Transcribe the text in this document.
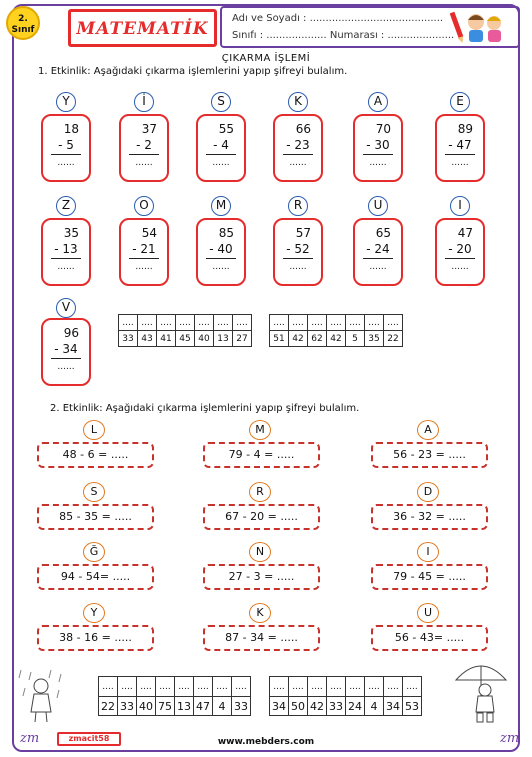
2.
Sınıf	MATEMATİK
Adı ve Soyadı : ..........................................
Sınıfı : ................... Numarası : .....................
ÇIKARMA İŞLEMİ
1. Etkinlik: Aşağıdaki çıkarma işlemlerini yapıp şifreyi bulalım.
Y
18
- 5
......
İ
37
- 2
......
S
55
- 4
......
K
66
- 23
......
A
70
- 30
......
E
89
- 47
......
Z
35
- 13
......
O
54
- 21
......
M
85
- 40
......
R
57
- 52
......
U
65
- 24
......
I
47
- 20
......
V
96
- 34
......
....	....	....	....	....	....	....		....	....	....	....	....	....	....
33	43	41	45	40	13	27		51	42	62	42	5	35	22
2. Etkinlik: Aşağıdaki çıkarma işlemlerini yapıp şifreyi bulalım.
L
48 - 6 = .....
M
79 - 4 = .....
A
56 - 23 = .....
S
85 - 35 = .....
R
67 - 20 = .....
D
36 - 32 = .....
Ğ
94 - 54= .....
N
27 - 3 = .....
I
79 - 45 = .....
Y
38 - 16 = .....
K
87 - 34 = .....
U
56 - 43= .....
....	....	....	....	....	....	....	....		....	....	....	....	....	....	....	....
22	33	40	75	13	47	4	33		34	50	42	33	24	4	34	53
zm	zmacit58	www.mebders.com	zm
